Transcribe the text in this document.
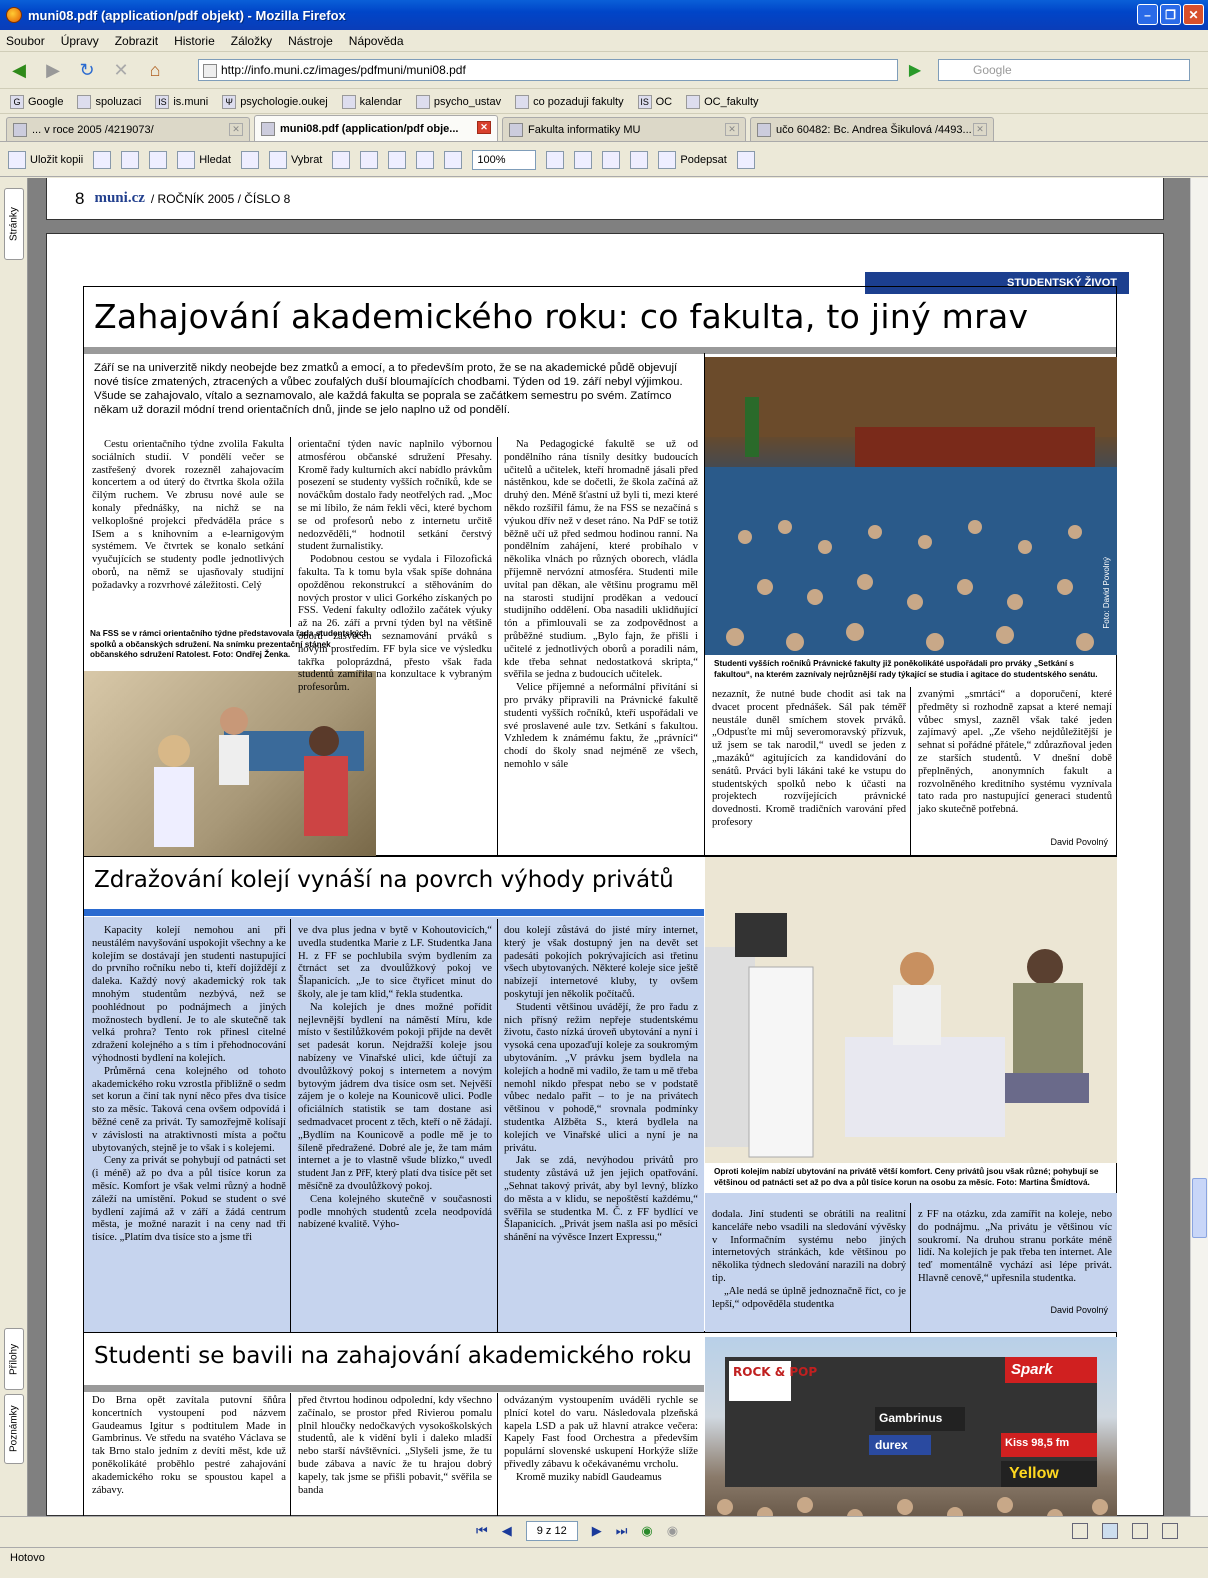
muni08.pdf (application/pdf objekt) - Mozilla Firefox	–	❐	✕
Soubor Úpravy Zobrazit Historie Záložky Nástroje Nápověda
◀	▶	↻	✕	⌂	http://info.muni.cz/images/pdfmuni/muni08.pdf	▶	Google
G Google	spoluzaci	IS is.muni	Ψ psychologie.oukej	kalendar	psycho_ustav	co pozaduji fakulty	IS OC	OC_fakulty
... v roce 2005 /4219073/	✕	muni08.pdf (application/pdf obje...	✕	Fakulta informatiky MU	✕	učo 60482: Bc. Andrea Šikulová /4493... ✕
Uložit kopii	Hledat	Vybrat	100%	Podepsat
Stránky
Přílohy
Poznámky
8 muni.cz / ROČNÍK 2005 / ČÍSLO 8
STUDENTSKÝ ŽIVOT
Zahajování akademického roku: co fakulta, to jiný mrav
Září se na univerzitě nikdy neobejde bez zmatků a emocí, a to především proto, že se na akademické půdě objevují nové tisíce zmatených, ztracených a vůbec zoufalých duší bloumajících chodbami. Týden od 19. září nebyl výjimkou. Všude se zahajovalo, vítalo a seznamovalo, ale každá fakulta se poprala se začátkem semestru po svém. Zatímco někam už dorazil módní trend orientačních dnů, jinde se jelo naplno už od pondělí.
Foto: David Povolný
Studenti vyšších ročníků Právnické fakulty již poněkolikáté uspořádali pro prváky „Setkání s fakultou“, na kterém zaznívaly nejrůznější rady týkající se studia i agitace do studentského senátu.

Cestu orientačního týdne zvolila Fakulta sociálních studií. V pondělí večer se zastřešený dvorek rozezněl zahajovacím koncertem a od úterý do čtvrtka škola ožila čilým ruchem. Ve zbrusu nové aule se konaly přednášky, na nichž se na velkoplošné projekci předváděla práce s ISem a s knihovním a e-learnigovým systémem. Ve čtvrtek se konalo setkání vyučujících se studenty podle jednotlivých oborů, na němž se ujasňovaly studijní požadavky a rozvrhové záležitosti. Celý

Na FSS se v rámci orientačního týdne představovala řada studentských spolků a občanských sdružení. Na snímku prezentační stánek občanského sdružení Ratolest. Foto: Ondřej Ženka.

orientační týden navíc naplnilo výbornou atmosférou občanské sdružení Přesahy. Kromě řady kulturních akcí nabídlo právkům posezení se studenty vyšších ročníků, kde se nováčkům dostalo řady neotřelých rad. „Moc se mi líbilo, že nám řekli věci, které bychom se od profesorů nebo z internetu určitě nedozvěděli,“ hodnotil setkání čerstvý student žurnalistiky.

Podobnou cestou se vydala i Filozofická fakulta. Ta k tomu byla však spíše dohnána opožděnou rekonstrukcí a stěhováním do nových prostor v ulici Gorkého získaných po FSS. Vedení fakulty odložilo začátek výuky až na 26. září a první týden byl na většině oborů zasvěcen seznamování prváků s novým prostředím. FF byla sice ve výsledku takřka poloprázdná, přesto však řada studentů zamířila na konzultace k vybraným profesorům.

Na Pedagogické fakultě se už od pondělního rána tísnily desítky budoucích učitelů a učitelek, kteří hromadně jásali před nástěnkou, kde se dočetli, že škola začíná až druhý den. Méně šťastní už byli ti, mezi které někdo rozšířil fámu, že na FSS se nezačíná s výukou dřív než v deset ráno. Na PdF se totiž běžně učí už před sedmou hodinou ranní. Na pondělním zahájení, které probíhalo v několika vlnách po různých oborech, vládla příjemně nervózní atmosféra. Studenti mile uvítal pan děkan, ale většinu programu měl na starosti studijní proděkan a vedoucí studijního oddělení. Oba nasadili uklidňující tón a přimlouvali se za zodpovědnost a průběžné studium. „Bylo fajn, že přišli i učitelé z jednotlivých oborů a poradili nám, kde třeba sehnat nedostatková skripta,“ svěřila se jedna z budoucích učitelek.

Velice příjemné a neformální přivítání si pro prváky připravili na Právnické fakultě studenti vyšších ročníků, kteří uspořádali ve své proslavené aule tzv. Setkání s fakultou. Vzhledem k známému faktu, že „právníci“ chodí do školy snad nejméně ze všech, nemohlo v sále

nezaznít, že nutné bude chodit asi tak na dvacet procent přednášek. Sál pak téměř neustále duněl smíchem stovek prváků. „Odpusťte mi můj severomoravský přízvuk, už jsem se tak narodil,“ uvedl se jeden z „mazáků“ agitujících za kandidování do senátů. Prváci byli lákáni také ke vstupu do studentských spolků nebo k účasti na projektech rozvíjejících právnické dovednosti. Kromě tradičních varování před profesory

zvanými „smrtáci“ a doporučení, které předměty si rozhodně zapsat a které nemají vůbec smysl, zazněl však také jeden zajímavý apel. „Ze všeho nejdůležitější je sehnat si pořádné přátele,“ zdůrazňoval jeden ze starších studentů. V dnešní době přeplněných, anonymních fakult a rozvolněného kreditního systému vyznívala tato rada pro nastupující generaci studentů jako skutečně potřebná.

David Povolný
Zdražování kolejí vynáší na povrch výhody privátů
Oproti kolejím nabízí ubytování na privátě větší komfort. Ceny privátů jsou však různé; pohybují se většinou od patnácti set až po dva a půl tisíce korun na osobu za měsíc. Foto: Martina Šmídtová.

Kapacity kolejí nemohou ani při neustálém navyšování uspokojit všechny a ke kolejím se dostávají jen studenti nastupující do prvního ročníku nebo ti, kteří dojíždějí z daleka. Každý nový akademický rok tak mnohým studentům nezbývá, než se poohlédnout po podnájmech a jiných možnostech bydlení. Je to ale skutečně tak velká prohra? Tento rok přinesl citelné zdražení kolejného a s tím i přehodnocování výhodnosti bydlení na kolejích.

Průměrná cena kolejného od tohoto akademického roku vzrostla přibližně o sedm set korun a činí tak nyní něco přes dva tisíce sto za měsíc. Taková cena ovšem odpovídá i běžné ceně za privát. Ty samozřejmě kolísají v závislosti na atraktivnosti místa a počtu ubytovaných, stejně je to však i s kolejemi.

Ceny za privát se pohybují od patnácti set (i méně) až po dva a půl tisíce korun za měsíc. Komfort je však velmi různý a hodně záleží na umístění. Pokud se student o své bydlení zajímá až v září a žádá centrum města, je možné narazit i na ceny nad tři tisíce. „Platím dva tisíce sto a jsme tři

ve dva plus jedna v bytě v Kohoutovicích,“ uvedla studentka Marie z LF. Studentka Jana H. z FF se pochlubila svým bydlením za čtrnáct set za dvoulůžkový pokoj ve Šlapanicích. „Je to sice čtyřicet minut do školy, ale je tam klid,“ řekla studentka.

Na kolejích je dnes možné pořídit nejlevnější bydlení na náměstí Míru, kde místo v šestilůžkovém pokoji přijde na devět set padesát korun. Nejdražší koleje jsou nabízeny ve Vinařské ulici, kde účtují za dvoulůžkový pokoj s internetem a novým bytovým jádrem dva tisíce osm set. Nejvěší zájem je o koleje na Kounicově ulici. Podle oficiálních statistik se tam dostane asi sedmadvacet procent z těch, kteří o ně žádají. „Bydlím na Kounicově a podle mě je to šíleně předražené. Dobré ale je, že tam mám internet a je to vlastně všude blízko,“ uvedl student Jan z PřF, který platí dva tisíce pět set měsíčně za dvoulůžkový pokoj.

Cena kolejného skutečně v současnosti podle mnohých studentů zcela neodpovídá nabízené kvalitě. Výho-

dou kolejí zůstává do jisté míry internet, který je však dostupný jen na devět set padesáti pokojích pokrývajících asi třetinu všech ubytovaných. Některé koleje sice ještě nabízejí internetové kluby, ty ovšem poskytují jen několik počítačů.

Studenti většinou uvádějí, že pro řadu z nich přísný režim nepřeje studentskému životu, často nízká úroveň ubytování a nyní i vysoká cena upozaďují koleje za soukromým ubytováním. „V právku jsem bydlela na kolejích a hodně mi vadilo, že tam u mě třeba nemohl nikdo přespat nebo se v podstatě vůbec nedalo pařit – to je na privátech většinou v pohodě,“ srovnala podmínky studentka Alžběta S., která bydlela na kolejích ve Vinařské ulici a nyní je na privátu.

Jak se zdá, nevýhodou privátů pro studenty zůstává už jen jejich opatřování. „Sehnat takový privát, aby byl levný, blízko do města a v klidu, se nepoštěstí každému,“ svěřila se studentka M. Č. z FF bydlící ve Šlapanicích. „Privát jsem našla asi po měsíci shánění na vývěsce Inzert Expressu,“

dodala. Jiní studenti se obrátili na realitní kanceláře nebo vsadili na sledování vývěsky v Informačním systému nebo jiných internetových stránkách, kde většinou po několika týdnech sledování narazili na dobrý tip.

„Ale nedá se úplně jednoznačně říct, co je lepší,“ odpověděla studentka

z FF na otázku, zda zamířit na koleje, nebo do podnájmu. „Na privátu je většinou víc soukromí. Na druhou stranu porkáte méně lidí. Na kolejích je pak třeba ten internet. Ale teď momentálně vychází asi lépe privát. Hlavně cenově,“ upřesnila studentka.

David Povolný
Studenti se bavili na zahajování akademického roku
ROCK & POP	Spark
Gambrinus
durex	Kiss 98,5 fm
Yellow

Do Brna opět zavítala putovní šňůra koncertních vystoupení pod názvem Gaudeamus Igitur s podtitulem Made in Gambrinus. Ve středu na svatého Václava se tak Brno stalo jedním z devíti měst, kde už poněkolikáté proběhlo pestré zahajování akademického roku se spoustou kapel a zábavy.

před čtvrtou hodinou odpolední, kdy všechno začínalo, se prostor před Rivierou pomalu plnil hloučky nedočkavých vysokoškolských studentů, ale k vidění byli i daleko mladší nebo starší návštěvníci. „Slyšeli jsme, že tu bude zábava a navíc že tu hrajou dobrý kapely, tak jsme se přišli pobavit,“ svěřila se banda

odvázaným vystoupením uváděli rychle se plnící kotel do varu. Následovala plzeňská kapela LSD a pak už hlavní atrakce večera: Kapely Fast food Orchestra a především populární slovenské uskupení Horkýže slíže přivedly zábavu k očekávanému vrcholu.

Kromě muziky nabídl Gaudeamus

⏮ ◀	9 z 12	▶ ⏭ ◉ ◉
Hotovo
